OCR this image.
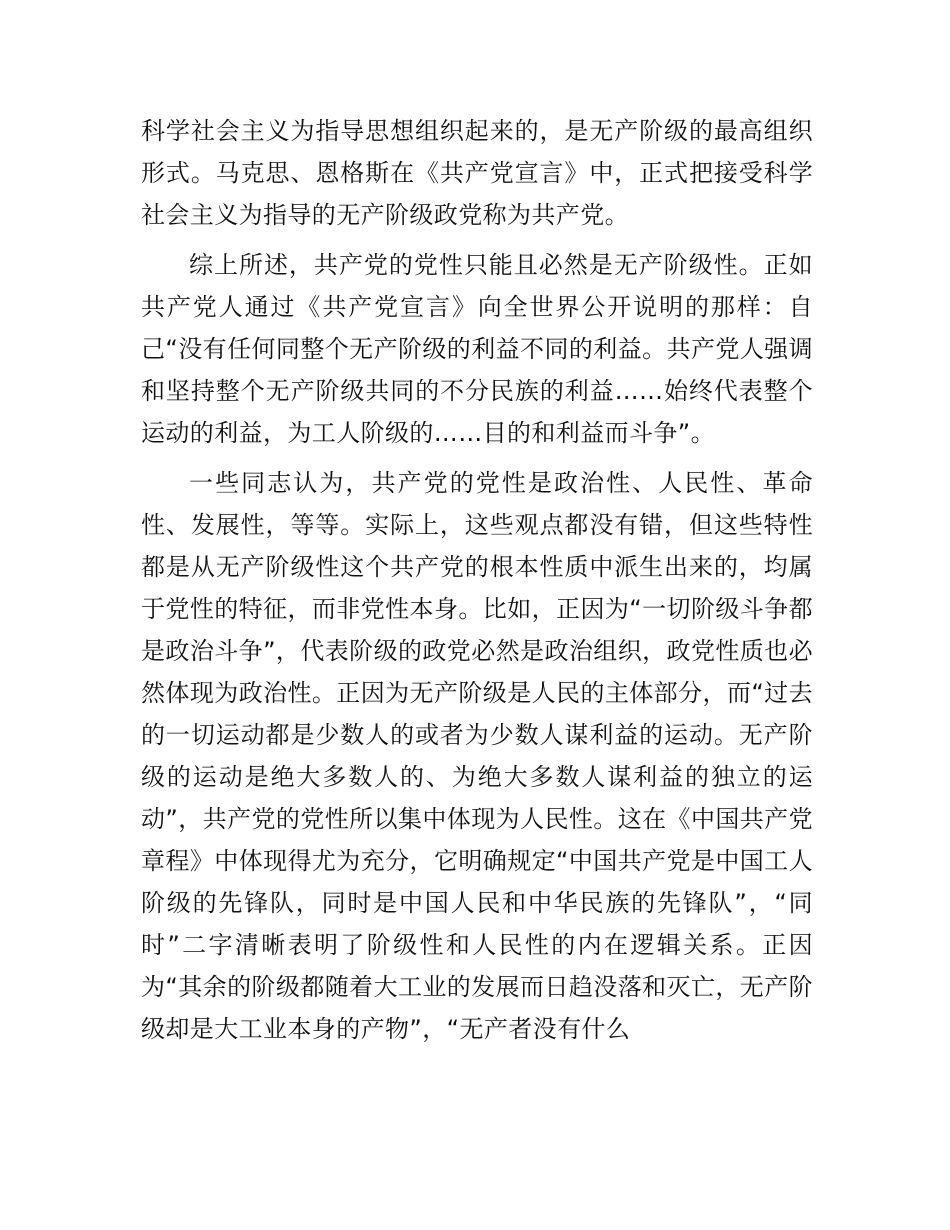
科学社会主义为指导思想组织起来的，是无产阶级的最高组织形式。马克思、恩格斯在《共产党宣言》中，正式把接受科学社会主义为指导的无产阶级政党称为共产党。

综上所述，共产党的党性只能且必然是无产阶级性。正如共产党人通过《共产党宣言》向全世界公开说明的那样：自己“没有任何同整个无产阶级的利益不同的利益。共产党人强调和坚持整个无产阶级共同的不分民族的利益……始终代表整个运动的利益，为工人阶级的……目的和利益而斗争”。

一些同志认为，共产党的党性是政治性、人民性、革命性、发展性，等等。实际上，这些观点都没有错，但这些特性都是从无产阶级性这个共产党的根本性质中派生出来的，均属于党性的特征，而非党性本身。比如，正因为“一切阶级斗争都是政治斗争”，代表阶级的政党必然是政治组织，政党性质也必然体现为政治性。正因为无产阶级是人民的主体部分，而“过去的一切运动都是少数人的或者为少数人谋利益的运动。无产阶级的运动是绝大多数人的、为绝大多数人谋利益的独立的运动”，共产党的党性所以集中体现为人民性。这在《中国共产党章程》中体现得尤为充分，它明确规定“中国共产党是中国工人阶级的先锋队，同时是中国人民和中华民族的先锋队”，“同时”二字清晰表明了阶级性和人民性的内在逻辑关系。正因为“其余的阶级都随着大工业的发展而日趋没落和灭亡，无产阶级却是大工业本身的产物”，“无产者没有什么
